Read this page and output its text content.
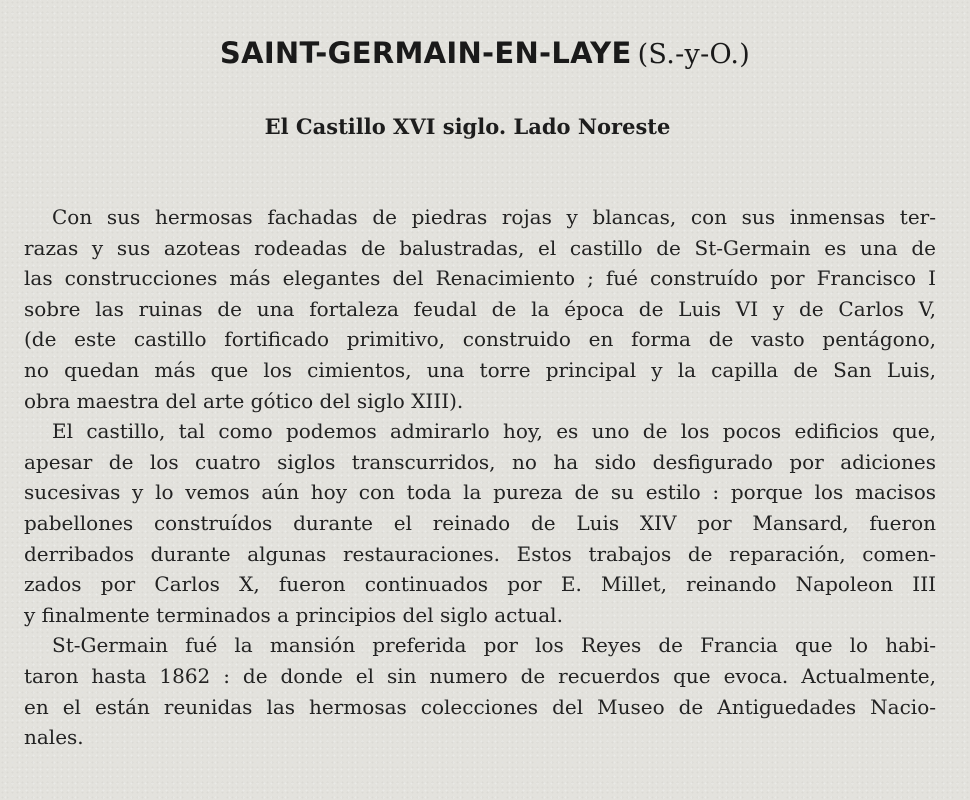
SAINT-GERMAIN-EN-LAYE (S.-y-O.)
El Castillo XVI siglo. Lado Noreste
Con sus hermosas fachadas de piedras rojas y blancas, con sus inmensas ter-
razas y sus azoteas rodeadas de balustradas, el castillo de St-Germain es una de
las construcciones más elegantes del Renacimiento ; fué construído por Francisco I
sobre las ruinas de una fortaleza feudal de la época de Luis VI y de Carlos V,
(de este castillo fortificado primitivo, construido en forma de vasto pentágono,
no quedan más que los cimientos, una torre principal y la capilla de San Luis,
obra maestra del arte gótico del siglo XIII).
El castillo, tal como podemos admirarlo hoy, es uno de los pocos edificios que,
apesar de los cuatro siglos transcurridos, no ha sido desfigurado por adiciones
sucesivas y lo vemos aún hoy con toda la pureza de su estilo : porque los macisos
pabellones construídos durante el reinado de Luis XIV por Mansard, fueron
derribados durante algunas restauraciones. Estos trabajos de reparación, comen-
zados por Carlos X, fueron continuados por E. Millet, reinando Napoleon III
y finalmente terminados a principios del siglo actual.
St-Germain fué la mansión preferida por los Reyes de Francia que lo habi-
taron hasta 1862 : de donde el sin numero de recuerdos que evoca. Actualmente,
en el están reunidas las hermosas colecciones del Museo de Antiguedades Nacio-
nales.
